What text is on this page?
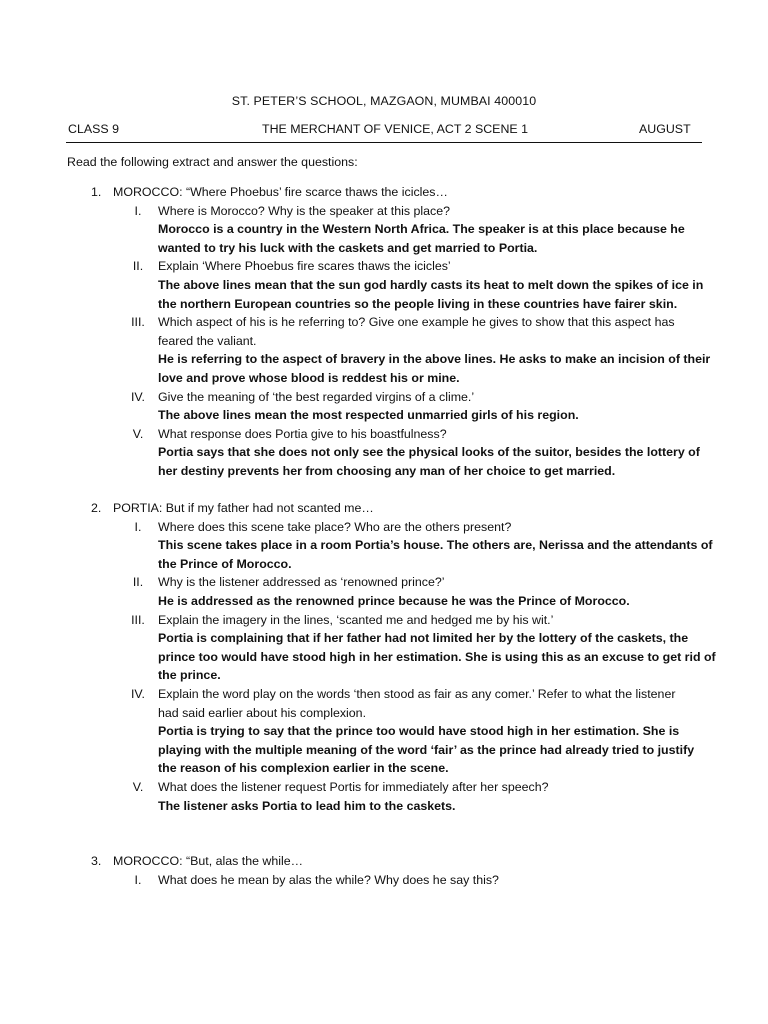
ST. PETER’S SCHOOL, MAZGAON, MUMBAI 400010
CLASS 9	THE MERCHANT OF VENICE, ACT 2 SCENE 1	AUGUST
Read the following extract and answer the questions:
1. MOROCCO: “Where Phoebus’ fire scarce thaws the icicles…
I.	Where is Morocco? Why is the speaker at this place?
Morocco is a country in the Western North Africa. The speaker is at this place because he
wanted to try his luck with the caskets and get married to Portia.
II.	Explain ‘Where Phoebus fire scares thaws the icicles’
The above lines mean that the sun god hardly casts its heat to melt down the spikes of ice in
the northern European countries so the people living in these countries have fairer skin.
III.	Which aspect of his is he referring to? Give one example he gives to show that this aspect has
feared the valiant.
He is referring to the aspect of bravery in the above lines. He asks to make an incision of their
love and prove whose blood is reddest his or mine.
IV.	Give the meaning of ‘the best regarded virgins of a clime.’
The above lines mean the most respected unmarried girls of his region.
V.	What response does Portia give to his boastfulness?
Portia says that she does not only see the physical looks of the suitor, besides the lottery of
her destiny prevents her from choosing any man of her choice to get married.
2. PORTIA: But if my father had not scanted me…
I.	Where does this scene take place? Who are the others present?
This scene takes place in a room Portia’s house. The others are, Nerissa and the attendants of
the Prince of Morocco.
II.	Why is the listener addressed as ‘renowned prince?’
He is addressed as the renowned prince because he was the Prince of Morocco.
III.	Explain the imagery in the lines, ‘scanted me and hedged me by his wit.’
Portia is complaining that if her father had not limited her by the lottery of the caskets, the
prince too would have stood high in her estimation. She is using this as an excuse to get rid of
the prince.
IV.	Explain the word play on the words ‘then stood as fair as any comer.’ Refer to what the listener
had said earlier about his complexion.
Portia is trying to say that the prince too would have stood high in her estimation. She is
playing with the multiple meaning of the word ‘fair’ as the prince had already tried to justify
the reason of his complexion earlier in the scene.
V.	What does the listener request Portis for immediately after her speech?
The listener asks Portia to lead him to the caskets.
3. MOROCCO: “But, alas the while…
I.	What does he mean by alas the while? Why does he say this?
